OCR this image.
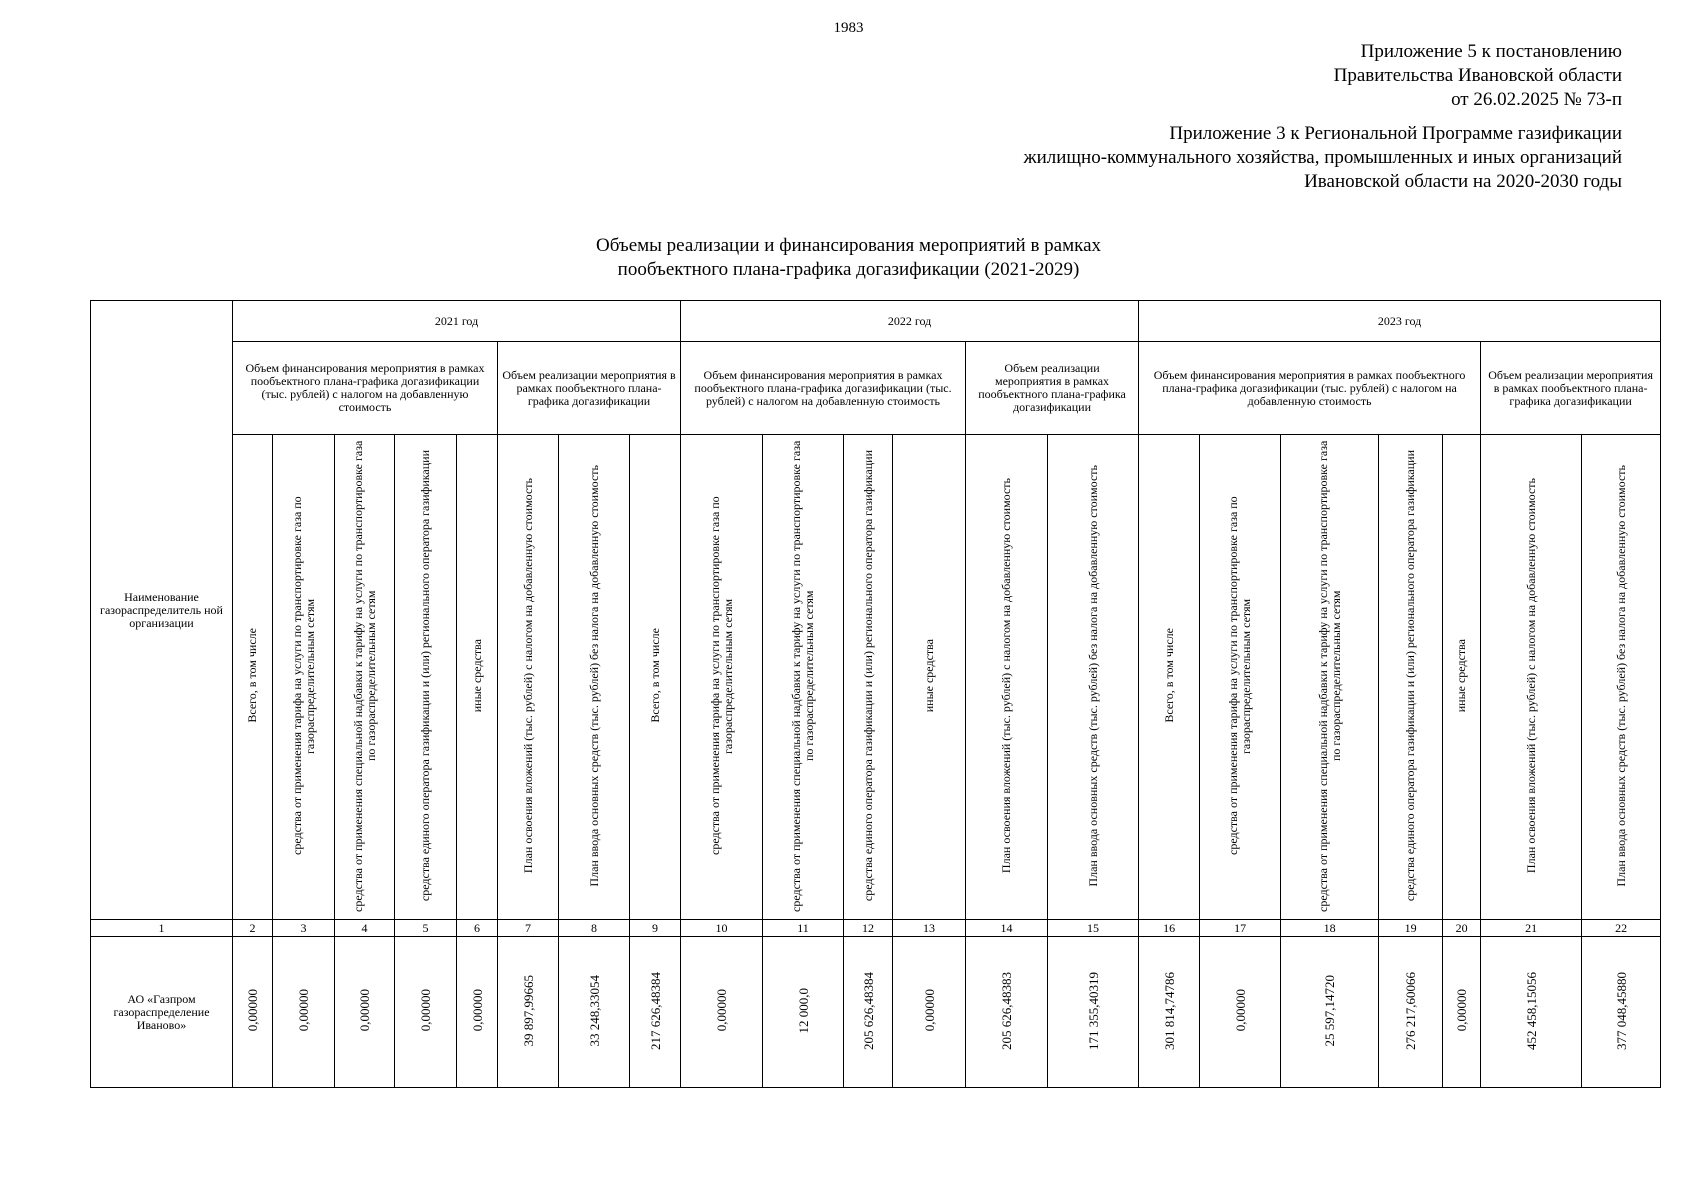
1983
Приложение 5 к постановлению
Правительства Ивановской области
от 26.02.2025 № 73-п
Приложение 3 к Региональной Программе газификации
жилищно-коммунального хозяйства, промышленных и иных организаций
Ивановской области на 2020-2030 годы
Объемы реализации и финансирования мероприятий в рамках
пообъектного плана-графика догазификации (2021-2029)
Наименование газораспределитель ной организации	2021 год								2022 год						2023 год						
	Объем финансирования мероприятия в рамках пообъектного плана-графика догазификации (тыс. рублей) с налогом на добавленную стоимость					Объем реализации мероприятия в рамках пообъектного плана-графика догазификации			Объем финансирования мероприятия в рамках пообъектного плана-графика догазификации (тыс. рублей) с налогом на добавленную стоимость				Объем реализации мероприятия в рамках пообъектного плана-графика догазификации		Объем финансирования мероприятия в рамках пообъектного плана-графика догазификации (тыс. рублей) с налогом на добавленную стоимость					Объем реализации мероприятия в рамках пообъектного плана-графика догазификации	
	Всего, в том числе	средства от применения тарифа на услуги по транспортировке газа по газораспределительным сетям	средства от применения специальной надбавки к тарифу на услуги по транспортировке газа по газораспределительным сетям	средства единого оператора газификации и (или) регионального оператора газификации	иные средства	План освоения вложений (тыс. рублей) с налогом на добавленную стоимость	План ввода основных средств (тыс. рублей) без налога на добавленную стоимость	Всего, в том числе	средства от применения тарифа на услуги по транспортировке газа по газораспределительным сетям	средства от применения специальной надбавки к тарифу на услуги по транспортировке газа по газораспределительным сетям	средства единого оператора газификации и (или) регионального оператора газификации	иные средства	План освоения вложений (тыс. рублей) с налогом на добавленную стоимость	План ввода основных средств (тыс. рублей) без налога на добавленную стоимость	Всего, в том числе	средства от применения тарифа на услуги по транспортировке газа по газораспределительным сетям	средства от применения специальной надбавки к тарифу на услуги по транспортировке газа по газораспределительным сетям	средства единого оператора газификации и (или) регионального оператора газификации	иные средства	План освоения вложений (тыс. рублей) с налогом на добавленную стоимость	План ввода основных средств (тыс. рублей) без налога на добавленную стоимость
1	2	3	4	5	6	7	8	9	10	11	12	13	14	15	16	17	18	19	20	21	22
АО «Газпром газораспределение Иваново»	0,00000	0,00000	0,00000	0,00000	0,00000	39 897,99665	33 248,33054	217 626,48384	0,00000	12 000,0	205 626,48384	0,00000	205 626,48383	171 355,40319	301 814,74786	0,00000	25 597,14720	276 217,60066	0,00000	452 458,15056	377 048,45880
